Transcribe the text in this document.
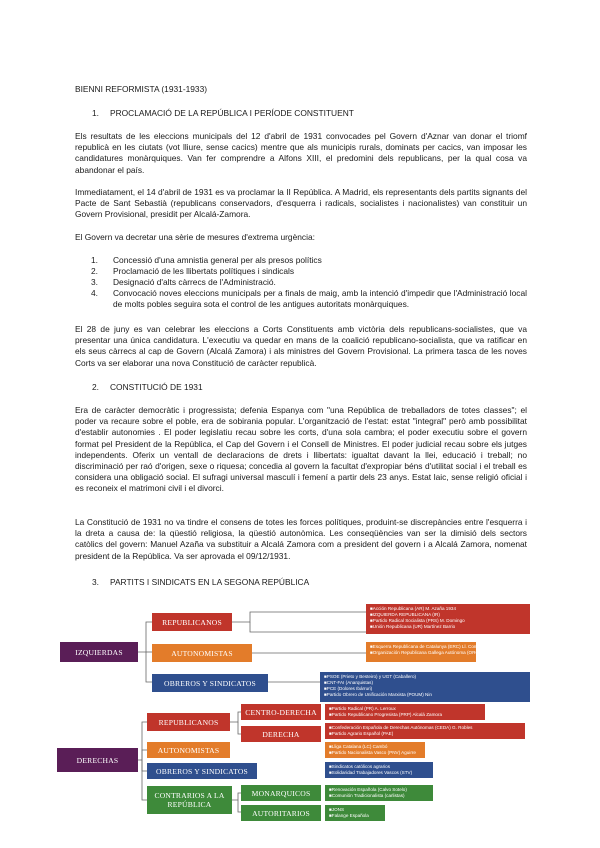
BIENNI REFORMISTA (1931-1933)
1. PROCLAMACIÓ DE LA REPÚBLICA I PERÍODE CONSTITUENT

Els resultats de les eleccions municipals del 12 d'abril de 1931 convocades pel Govern d'Aznar van donar el triomf republicà en les ciutats (vot lliure, sense cacics) mentre que als municipis rurals, dominats per cacics, van imposar les candidatures monàrquiques. Van fer comprendre a Alfons XIII, el predomini dels republicans, per la qual cosa va abandonar el país.

Immediatament, el 14 d'abril de 1931 es va proclamar la II República. A Madrid, els representants dels partits signants del Pacte de Sant Sebastià (republicans conservadors, d'esquerra i radicals, socialistes i nacionalistes) van constituir un Govern Provisional, presidit per Alcalá-Zamora.

El Govern va decretar una sèrie de mesures d'extrema urgència:

1.	Concessió d'una amnistia general per als presos polítics
2.	Proclamació de les llibertats polítiques i sindicals
3.	Designació d'alts càrrecs de l'Administració.
4.	Convocació noves eleccions municipals per a finals de maig, amb la intenció d'impedir que l'Administració local de molts pobles seguira sota el control de les antigues autoritats monàrquiques.

El 28 de juny es van celebrar les eleccions a Corts Constituents amb victòria dels republicans-socialistes, que va presentar una única candidatura. L'executiu va quedar en mans de la coalició republicano-socialista, que va ratificar en els seus càrrecs al cap de Govern (Alcalá Zamora) i als ministres del Govern Provisional. La primera tasca de les noves Corts va ser elaborar una nova Constitució de caràcter republicà.

2. CONSTITUCIÓ DE 1931

Era de caràcter democràtic i progressista; defenia Espanya com "una República de treballadors de totes classes"; el poder va recaure sobre el poble, era de sobirania popular. L'organització de l'estat: estat "integral" però amb possibilitat d'establir autonomies . El poder legislatiu recau sobre les corts, d'una sola cambra; el poder executiu sobre el govern format pel President de la República, el Cap del Govern i el Consell de Ministres. El poder judicial recau sobre els jutges independents. Oferix un ventall de declaracions de drets i llibertats: igualtat davant la llei, educació i treball; no discriminació per raó d'origen, sexe o riquesa; concedia al govern la facultat d'expropiar béns d'utilitat social i el treball es considera una obligació social. El sufragi universal masculí i femení a partir dels 23 anys. Estat laic, sense religió oficial i es reconeix el matrimoni civil i el divorci.

La Constitució de 1931 no va tindre el consens de totes les forces polítiques, produint-se discrepàncies entre l'esquerra i la dreta a causa de: la qüestió religiosa, la qüestió autonòmica. Les conseqüències van ser la dimisió dels sectors catòlics del govern: Manuel Azaña va substituir a Alcalá Zamora com a president del govern i a Alcalá Zamora, nomenat president de la República. Va ser aprovada el 09/12/1931.

3. PARTITS I SINDICATS EN LA SEGONA REPÚBLICA
IZQUIERDAS
REPUBLICANOS
AUTONOMISTAS
OBREROS Y SINDICATOS
■Acción Republicana (AR) M. Azaña 1934
■IZQUIERDA REPUBLICANA (IR)
■Partido Radical Socialista (PRS) M. Domingo
■Unión Republicana (UR) Martínez Barrio
■Esquerra Republicana de Catalunya (ERC) Ll. Companys
■Organización Republicana Gallega Autónoma (ORGA) Casares Quiroga
■PSOE (Prieto y Besteiro) y UGT (Caballero)
■CNT-FAI (Anarquistas)
■PCE (Dolores Ibárruri)
■Partido Obrero de Unificación Marxista (POUM) Nin
DERECHAS
REPUBLICANOS
CENTRO-DERECHA
DERECHA
AUTONOMISTAS
OBREROS Y SINDICATOS
CONTRARIOS A LA REPÚBLICA
MONARQUICOS
AUTORITARIOS
■Partido Radical (PR) A. Lerroux
■Partido Republicano Progresista (PRP) Alcalá Zamora
■Confederación Española de Derechas Autónomas (CEDA) G. Robles
■Partido Agrario Español (PAE)
■Lliga Catalana (LC) Cambó
■Partido Nacionalista Vasco (PNV) Aguirre
■Sindicatos católicos agrarios
■Solidaridad Trabajadores Vascos (STV)
■Renovación Española (Calvo Sotelo)
■Comunión Tradicionalista (carlistas)
■JONS
■Falange Española
